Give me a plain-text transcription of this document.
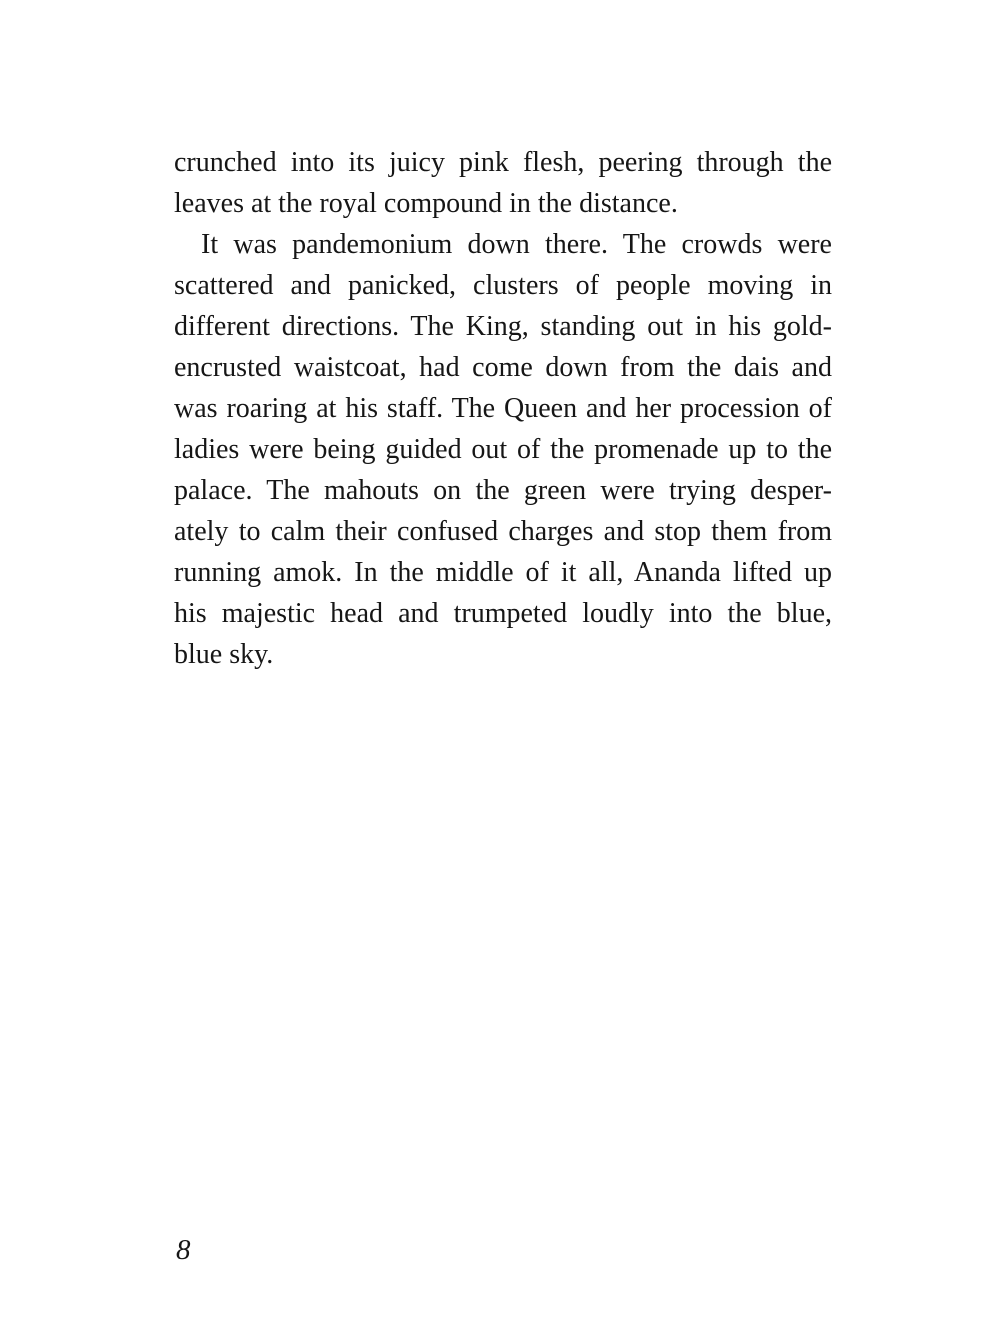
crunched into its juicy pink flesh, peering through the
leaves at the royal compound in the distance.
It was pandemonium down there. The crowds were
scattered and panicked, clusters of people moving in
different directions. The King, standing out in his gold-
encrusted waistcoat, had come down from the dais and
was roaring at his staff. The Queen and her procession of
ladies were being guided out of the promenade up to the
palace. The mahouts on the green were trying desper-
ately to calm their confused charges and stop them from
running amok. In the middle of it all, Ananda lifted up
his majestic head and trumpeted loudly into the blue,
blue sky.
8
